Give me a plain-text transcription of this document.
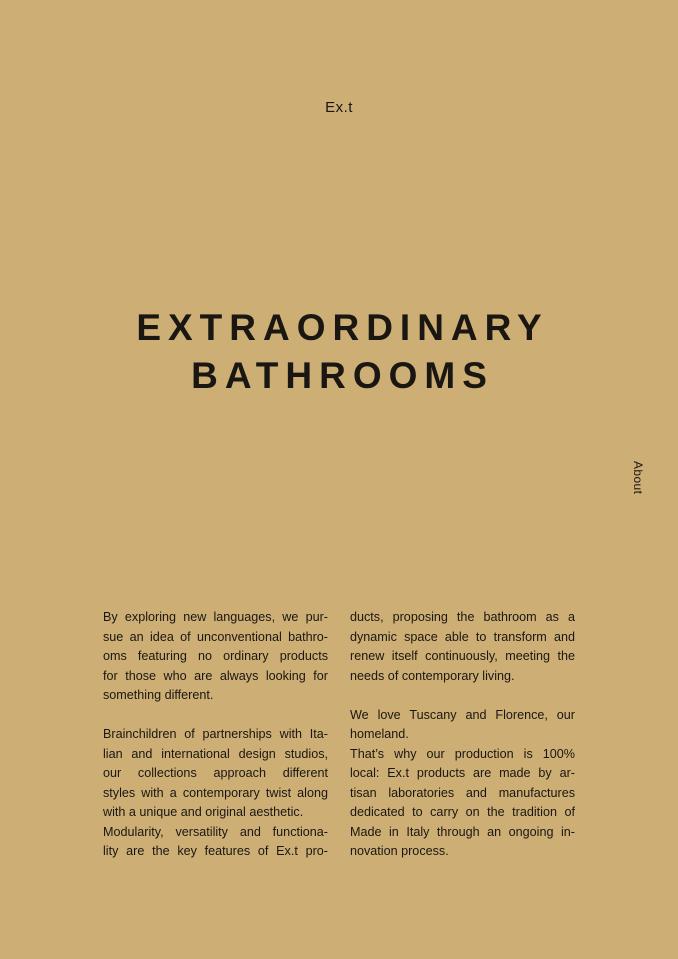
Ex.t
EXTRAORDINARY
BATHROOMS
About

By exploring new languages, we pur-
sue an idea of unconventional bathro-
oms featuring no ordinary products
for those who are always looking for
something different.

Brainchildren of partnerships with Ita-
lian and international design studios,
our collections approach different
styles with a contemporary twist along
with a unique and original aesthetic.
Modularity, versatility and functiona-
lity are the key features of Ex.t pro-

ducts, proposing the bathroom as a
dynamic space able to transform and
renew itself continuously, meeting the
needs of contemporary living.

We love Tuscany and Florence, our
homeland.
That’s why our production is 100%
local: Ex.t products are made by ar-
tisan laboratories and manufactures
dedicated to carry on the tradition of
Made in Italy through an ongoing in-
novation process.
